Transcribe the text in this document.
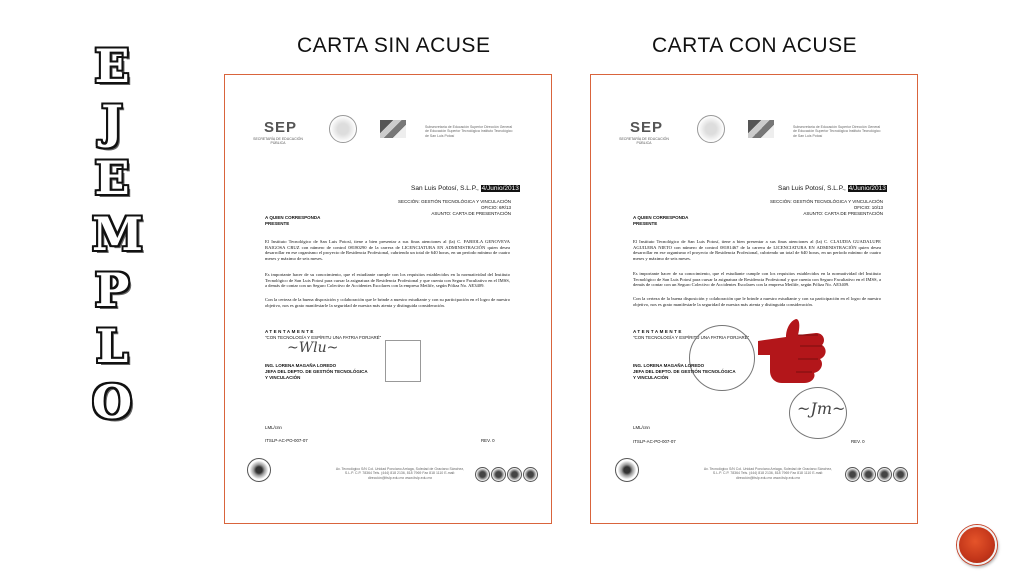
E
J
E
M
P
L
O
CARTA SIN ACUSE	CARTA CON ACUSE
SEP
SECRETARÍA DE EDUCACIÓN PÚBLICA
Subsecretaría de Educación Superior Dirección General de Educación Superior Tecnológica Instituto Tecnológico de San Luis Potosí
San Luis Potosí, S.L.P., 4/Junio/2013
SECCIÓN: GESTIÓN TECNOLÓGICA Y VINCULACIÓN
OFICIO: 6R/13
ASUNTO: CARTA DE PRESENTACIÓN
A QUIEN CORRESPONDA
PRESENTE
El Instituto Tecnológico de San Luis Potosí, tiene a bien presentar a sus finas atenciones al (la) C. FABIOLA GENOVEVA RAIGOSA CRUZ con número de control 08180290 de la carrera de LICENCIATURA EN ADMINISTRACIÓN quien desea desarrollar en ese organismo el proyecto de Residencia Profesional, cubriendo un total de 640 horas, en un período mínimo de cuatro meses y máximo de seis meses.
Es importante hacer de su conocimiento, que el estudiante cumple con los requisitos establecidos en la normatividad del Instituto Tecnológico de San Luis Potosí para cursar la asignatura de Residencia Profesional y que cuenta con Seguro Facultativo en el IMSS, a demás de contar con un Seguro Colectivo de Accidentes Escolares con la empresa Metlife, según Póliza No. AE3409.
Con la certeza de la buena disposición y colaboración que le brinde a nuestro estudiante y con su participación en el logro de nuestro objetivo, nos es grato manifestarle la seguridad de nuestra más atenta y distinguida consideración.
ATENTAMENTE
"CON TECNOLOGÍA Y ESPÍRITU UNA PATRIA FORJARÉ"
~Wlu~
ING. LORENA MAGAÑA LOREDO
JEFA DEL DEPTO. DE GESTIÓN TECNOLÓGICA
Y VINCULACIÓN
LML/cnn
ITSLP-AC-PO-007-07	REV. 0
Av. Tecnológico S/N Col. Unidad Ponciano Arriaga, Soledad de Graciano Sánchez, S.L.P. C.P. 78364 Tels. (444) 818 2136, 818 7969 Fax 818 1110 E-mail: dirección@itslp.edu.mx www.itslp.edu.mx
SEP
SECRETARÍA DE EDUCACIÓN PÚBLICA
Subsecretaría de Educación Superior Dirección General de Educación Superior Tecnológica Instituto Tecnológico de San Luis Potosí
San Luis Potosí, S.L.P., 4/Junio/2013
SECCIÓN: GESTIÓN TECNOLÓGICA Y VINCULACIÓN
OFICIO: 10/13
ASUNTO: CARTA DE PRESENTACIÓN
A QUIEN CORRESPONDA
PRESENTE
El Instituto Tecnológico de San Luis Potosí, tiene a bien presentar a sus finas atenciones al (la) C. CLAUDIA GUADALUPE AGUILERA NIETO con número de control 08181467 de la carrera de LICENCIATURA EN ADMINISTRACIÓN quien desea desarrollar en ese organismo el proyecto de Residencia Profesional, cubriendo un total de 640 horas, en un período mínimo de cuatro meses y máximo de seis meses.
Es importante hacer de su conocimiento, que el estudiante cumple con los requisitos establecidos en la normatividad del Instituto Tecnológico de San Luis Potosí para cursar la asignatura de Residencia Profesional y que cuenta con Seguro Facultativo en el IMSS, a demás de contar con un Seguro Colectivo de Accidentes Escolares con la empresa Metlife, según Póliza No. AE3409.
Con la certeza de la buena disposición y colaboración que le brinde a nuestro estudiante y con su participación en el logro de nuestro objetivo, nos es grato manifestarle la seguridad de nuestra más atenta y distinguida consideración.
ATENTAMENTE
"CON TECNOLOGÍA Y ESPÍRITU UNA PATRIA FORJARÉ"
ING. LORENA MAGAÑA LOREDO
JEFA DEL DEPTO. DE GESTIÓN TECNOLÓGICA
Y VINCULACIÓN
~Jm~
LML/cnn
ITSLP-AC-PO-007-07	REV. 0
Av. Tecnológico S/N Col. Unidad Ponciano Arriaga, Soledad de Graciano Sánchez, S.L.P. C.P. 78364 Tels. (444) 818 2136, 818 7969 Fax 818 1110 E-mail: dirección@itslp.edu.mx www.itslp.edu.mx
